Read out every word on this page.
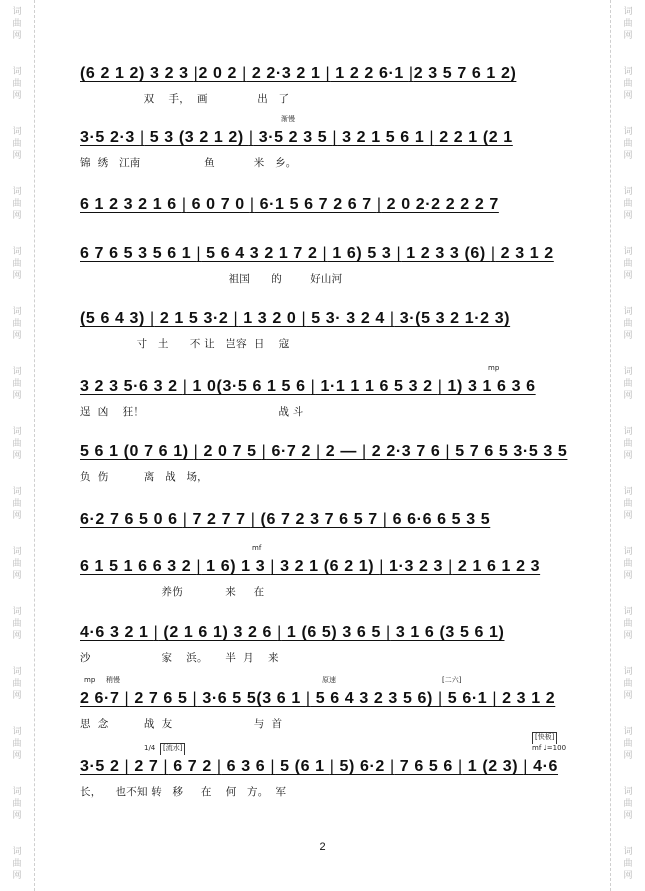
词
曲
网
词
曲
网
词
曲
网
词
曲
网
词
曲
网
词
曲
网
词
曲
网
词
曲
网
词
曲
网
词
曲
网
词
曲
网
词
曲
网
词
曲
网
词
曲
网
词
曲
网
词
曲
网
词
曲
网
词
曲
网
词
曲
网
词
曲
网
词
曲
网
词
曲
网
词
曲
网
词
曲
网
词
曲
网
词
曲
网
词
曲
网
词
曲
网
词
曲
网
词
曲
网
(6 2 1 2) 3 2 3 |2 0 2 | 2 2·3 2 1 | 1 2 2 6·1 |2 3 5 7 6 1 2)
双    手，  画              出   了
渐慢
3·5 2·3 | 5 3 (3 2 1 2) | 3·5 2 3 5 | 3 2 1 5 6 1 | 2 2 1 (2 1
锦  绣   江南                  鱼           米   乡。
6 1 2 3 2 1 6 | 6 0 7 0 | 6·1 5 6 7 2 6 7 | 2 0 2·2 2 2 2 7
6 7 6 5 3 5 6 1 | 5 6 4 3 2 1 7 2 | 1 6) 5 3 | 1 2 3 3 (6) | 2 3 1 2
祖国      的        好山河
(5 6 4 3) | 2 1 5 3·2 | 1 3 2 0 | 5 3· 3 2 4 | 3·(5 3 2 1·2 3)
寸   土      不 让   岂容  日    寇
mp
3 2 3 5·6 3 2 | 1 0(3·5 6 1 5 6 | 1·1 1 1 6 5 3 2 | 1) 3 1 6 3 6
逞  凶    狂！                                      战 斗
5 6 1 (0 7 6 1) | 2 0 7 5 | 6·7 2 | 2 — | 2 2·3 7 6 | 5 7 6 5 3·5 3 5
负  伤          离   战   场，
6·2 7 6 5 0 6 | 7 2 7 7 | (6 7 2 3 7 6 5 7 | 6 6·6 6 5 3 5
mf
6 1 5 1 6 6 3 2 | 1 6) 1 3 | 3 2 1 (6 2 1) | 1·3 2 3 | 2 1 6 1 2 3
养伤            来     在
4·6 3 2 1 | (2 1 6 1) 3 2 6 | 1 (6 5) 3 6 5 | 3 1 6 (3 5 6 1)
沙                    家    浜。     半  月    来
mp 稍慢	原速	[二六]
2 6·7 | 2 7 6 5 | 3·6 5 5(3 6 1 | 5 6 4 3 2 3 5 6) | 5 6·1 | 2 3 1 2
思  念          战  友                       与  首
1/4	[流水]
[快板]
mf ♩=100
3·5 2 | 2 7 | 6 7 2 | 6 3 6 | 5 (6 1 | 5) 6·2 | 7 6 5 6 | 1 (2 3) | 4·6
长，    也不知 转   移     在    何   方。  军
2
